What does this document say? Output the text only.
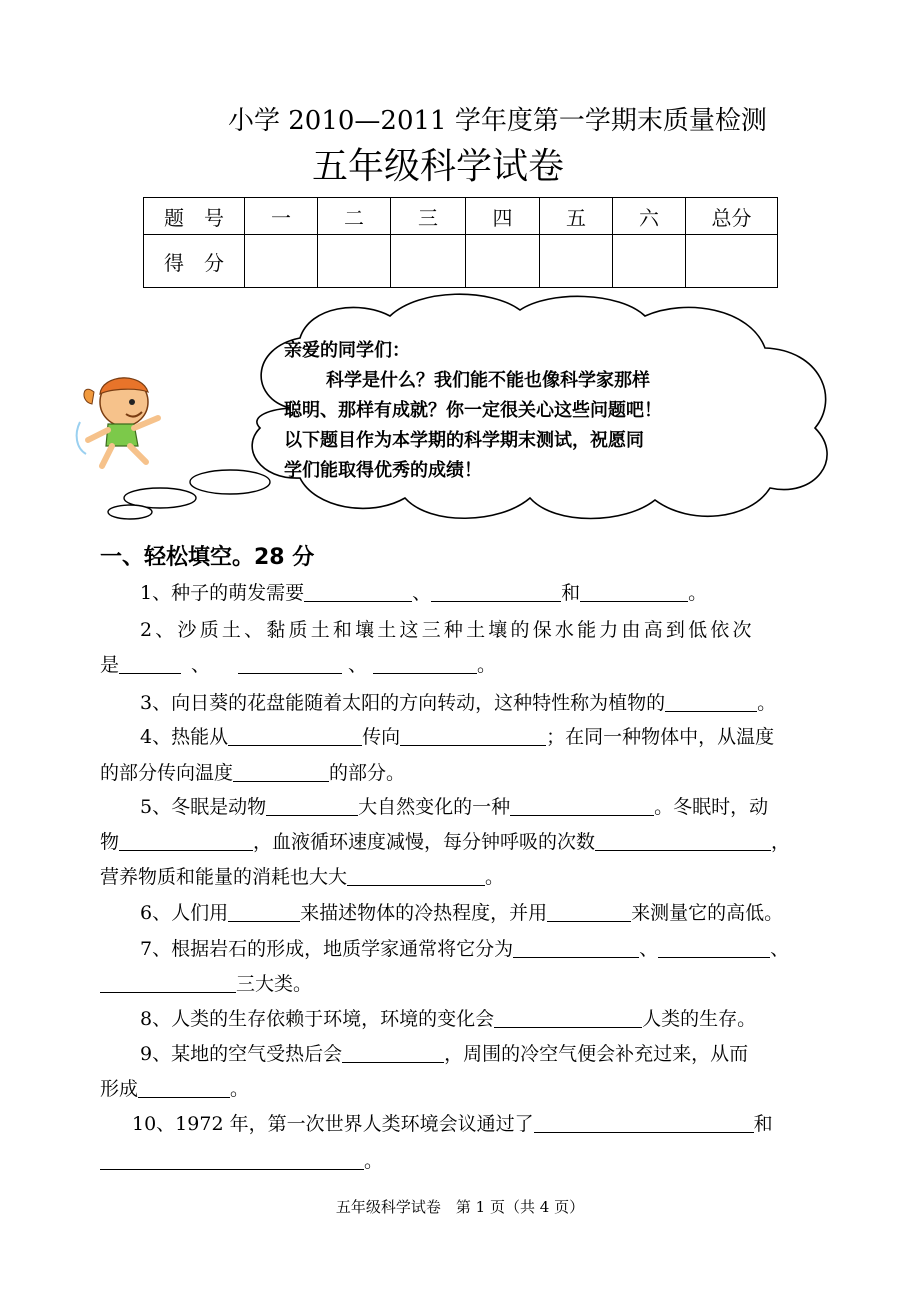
小学 2010—2011 学年度第一学期末质量检测
五年级科学试卷
题　号	一	二	三	四	五	六	总分
得　分							

亲爱的同学们：

科学是什么？我们能不能也像科学家那样

聪明、那样有成就？你一定很关心这些问题吧！

以下题目作为本学期的科学期末测试，祝愿同

学们能取得优秀的成绩！

一、轻松填空。28 分
1、种子的萌发需要	、	和	。
2、沙质土、黏质土和壤土这三种土壤的保水能力由高到低依次
是	、	、	。
3、向日葵的花盘能随着太阳的方向转动，这种特性称为植物的	。
4、热能从	传向	；在同一种物体中，从温度
的部分传向温度	的部分。
5、冬眠是动物	大自然变化的一种	。冬眠时，动
物	，血液循环速度减慢，每分钟呼吸的次数	，
营养物质和能量的消耗也大大	。
6、人们用	来描述物体的冷热程度，并用	来测量它的高低。
7、根据岩石的形成，地质学家通常将它分为	、	、
三大类。
8、人类的生存依赖于环境，环境的变化会	人类的生存。
9、某地的空气受热后会	，周围的冷空气便会补充过来，从而
形成	。
10、1972 年，第一次世界人类环境会议通过了	和
。
五年级科学试卷　第 1 页（共 4 页）
